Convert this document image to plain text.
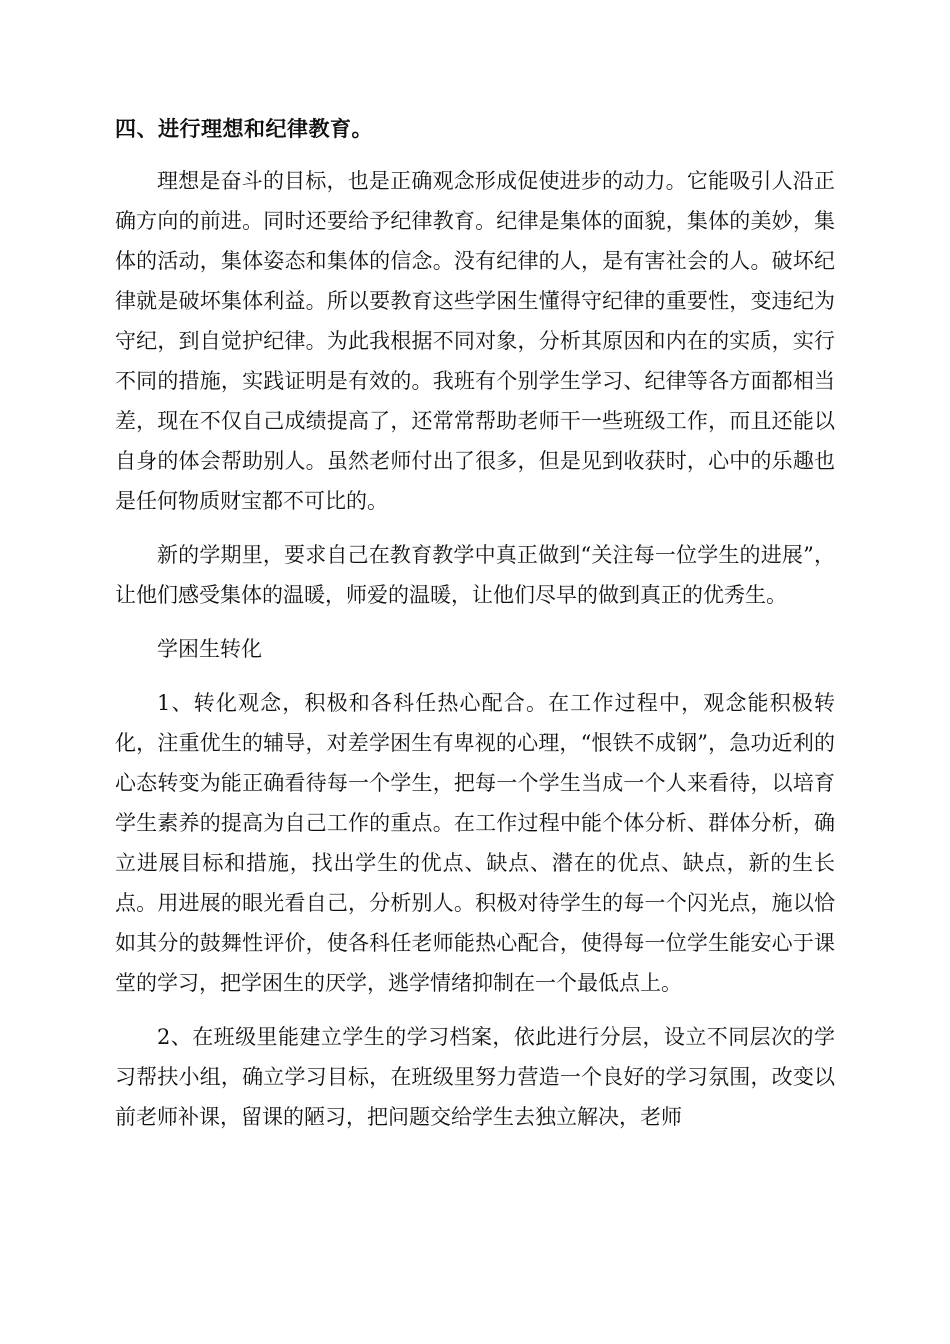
四、进行理想和纪律教育。

理想是奋斗的目标，也是正确观念形成促使进步的动力。它能吸引人沿正确方向的前进。同时还要给予纪律教育。纪律是集体的面貌，集体的美妙，集体的活动，集体姿态和集体的信念。没有纪律的人，是有害社会的人。破坏纪律就是破坏集体利益。所以要教育这些学困生懂得守纪律的重要性，变违纪为守纪，到自觉护纪律。为此我根据不同对象，分析其原因和内在的实质，实行不同的措施，实践证明是有效的。我班有个别学生学习、纪律等各方面都相当差，现在不仅自己成绩提高了，还常常帮助老师干一些班级工作，而且还能以自身的体会帮助别人。虽然老师付出了很多，但是见到收获时，心中的乐趣也是任何物质财宝都不可比的。

新的学期里，要求自己在教育教学中真正做到“关注每一位学生的进展”，让他们感受集体的温暖，师爱的温暖，让他们尽早的做到真正的优秀生。

学困生转化

1、转化观念，积极和各科任热心配合。在工作过程中，观念能积极转化，注重优生的辅导，对差学困生有卑视的心理，“恨铁不成钢”，急功近利的心态转变为能正确看待每一个学生，把每一个学生当成一个人来看待，以培育学生素养的提高为自己工作的重点。在工作过程中能个体分析、群体分析，确立进展目标和措施，找出学生的优点、缺点、潜在的优点、缺点，新的生长点。用进展的眼光看自己，分析别人。积极对待学生的每一个闪光点，施以恰如其分的鼓舞性评价，使各科任老师能热心配合，使得每一位学生能安心于课堂的学习，把学困生的厌学，逃学情绪抑制在一个最低点上。

2、在班级里能建立学生的学习档案，依此进行分层，设立不同层次的学习帮扶小组，确立学习目标，在班级里努力营造一个良好的学习氛围，改变以前老师补课，留课的陋习，把问题交给学生去独立解决，老师
